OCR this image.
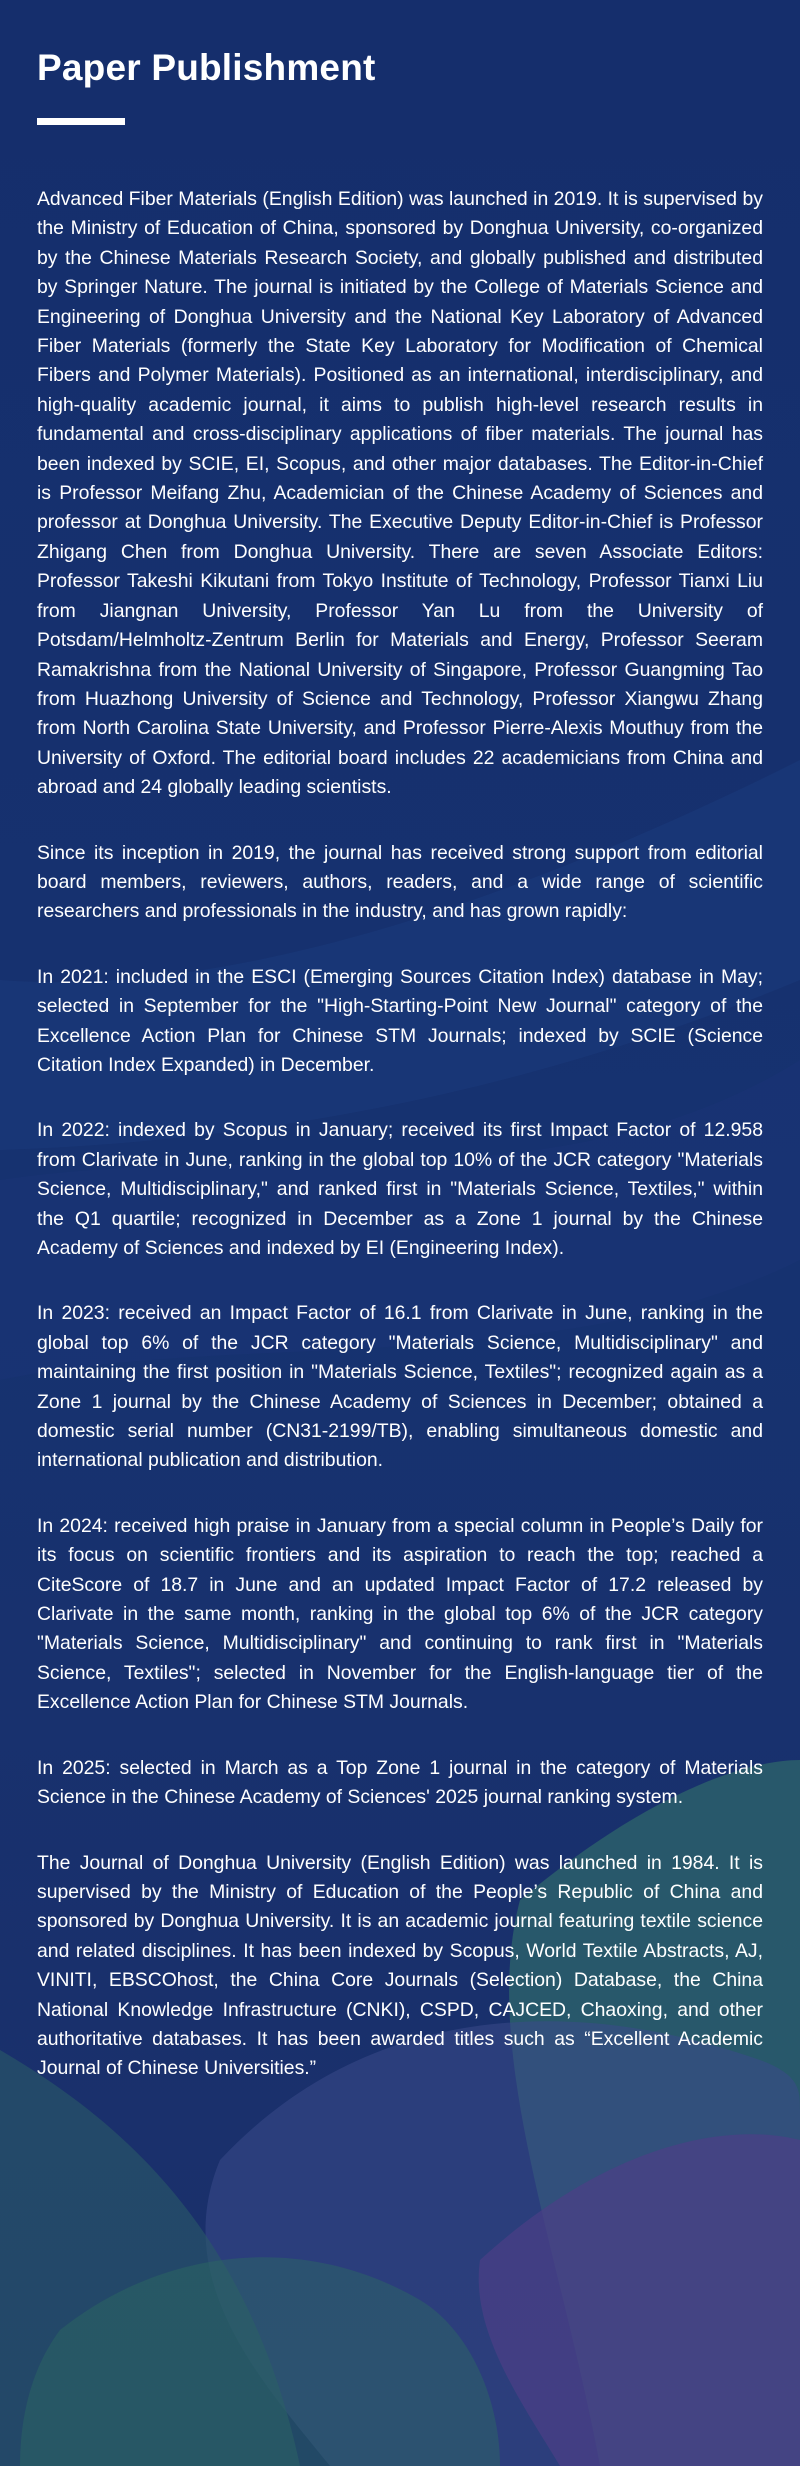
Paper Publishment

Advanced Fiber Materials (English Edition) was launched in 2019. It is supervised by the Ministry of Education of China, sponsored by Donghua University, co-organized by the Chinese Materials Research Society, and globally published and distributed by Springer Nature. The journal is initiated by the College of Materials Science and Engineering of Donghua University and the National Key Laboratory of Advanced Fiber Materials (formerly the State Key Laboratory for Modification of Chemical Fibers and Polymer Materials). Positioned as an international, interdisciplinary, and high-quality academic journal, it aims to publish high-level research results in fundamental and cross-disciplinary applications of fiber materials. The journal has been indexed by SCIE, EI, Scopus, and other major databases. The Editor-in-Chief is Professor Meifang Zhu, Academician of the Chinese Academy of Sciences and professor at Donghua University. The Executive Deputy Editor-in-Chief is Professor Zhigang Chen from Donghua University. There are seven Associate Editors: Professor Takeshi Kikutani from Tokyo Institute of Technology, Professor Tianxi Liu from Jiangnan University, Professor Yan Lu from the University of Potsdam/Helmholtz-Zentrum Berlin for Materials and Energy, Professor Seeram Ramakrishna from the National University of Singapore, Professor Guangming Tao from Huazhong University of Science and Technology, Professor Xiangwu Zhang from North Carolina State University, and Professor Pierre-Alexis Mouthuy from the University of Oxford. The editorial board includes 22 academicians from China and abroad and 24 globally leading scientists.

Since its inception in 2019, the journal has received strong support from editorial board members, reviewers, authors, readers, and a wide range of scientific researchers and professionals in the industry, and has grown rapidly:

In 2021: included in the ESCI (Emerging Sources Citation Index) database in May; selected in September for the "High-Starting-Point New Journal" category of the Excellence Action Plan for Chinese STM Journals; indexed by SCIE (Science Citation Index Expanded) in December.

In 2022: indexed by Scopus in January; received its first Impact Factor of 12.958 from Clarivate in June, ranking in the global top 10% of the JCR category "Materials Science, Multidisciplinary," and ranked first in "Materials Science, Textiles," within the Q1 quartile; recognized in December as a Zone 1 journal by the Chinese Academy of Sciences and indexed by EI (Engineering Index).

In 2023: received an Impact Factor of 16.1 from Clarivate in June, ranking in the global top 6% of the JCR category "Materials Science, Multidisciplinary" and maintaining the first position in "Materials Science, Textiles"; recognized again as a Zone 1 journal by the Chinese Academy of Sciences in December; obtained a domestic serial number (CN31-2199/TB), enabling simultaneous domestic and international publication and distribution.

In 2024: received high praise in January from a special column in People’s Daily for its focus on scientific frontiers and its aspiration to reach the top; reached a CiteScore of 18.7 in June and an updated Impact Factor of 17.2 released by Clarivate in the same month, ranking in the global top 6% of the JCR category "Materials Science, Multidisciplinary" and continuing to rank first in "Materials Science, Textiles"; selected in November for the English-language tier of the Excellence Action Plan for Chinese STM Journals.

In 2025: selected in March as a Top Zone 1 journal in the category of Materials Science in the Chinese Academy of Sciences' 2025 journal ranking system.

The Journal of Donghua University (English Edition) was launched in 1984. It is supervised by the Ministry of Education of the People’s Republic of China and sponsored by Donghua University. It is an academic journal featuring textile science and related disciplines. It has been indexed by Scopus, World Textile Abstracts, AJ, VINITI, EBSCOhost, the China Core Journals (Selection) Database, the China National Knowledge Infrastructure (CNKI), CSPD, CAJCED, Chaoxing, and other authoritative databases. It has been awarded titles such as “Excellent Academic Journal of Chinese Universities.”
